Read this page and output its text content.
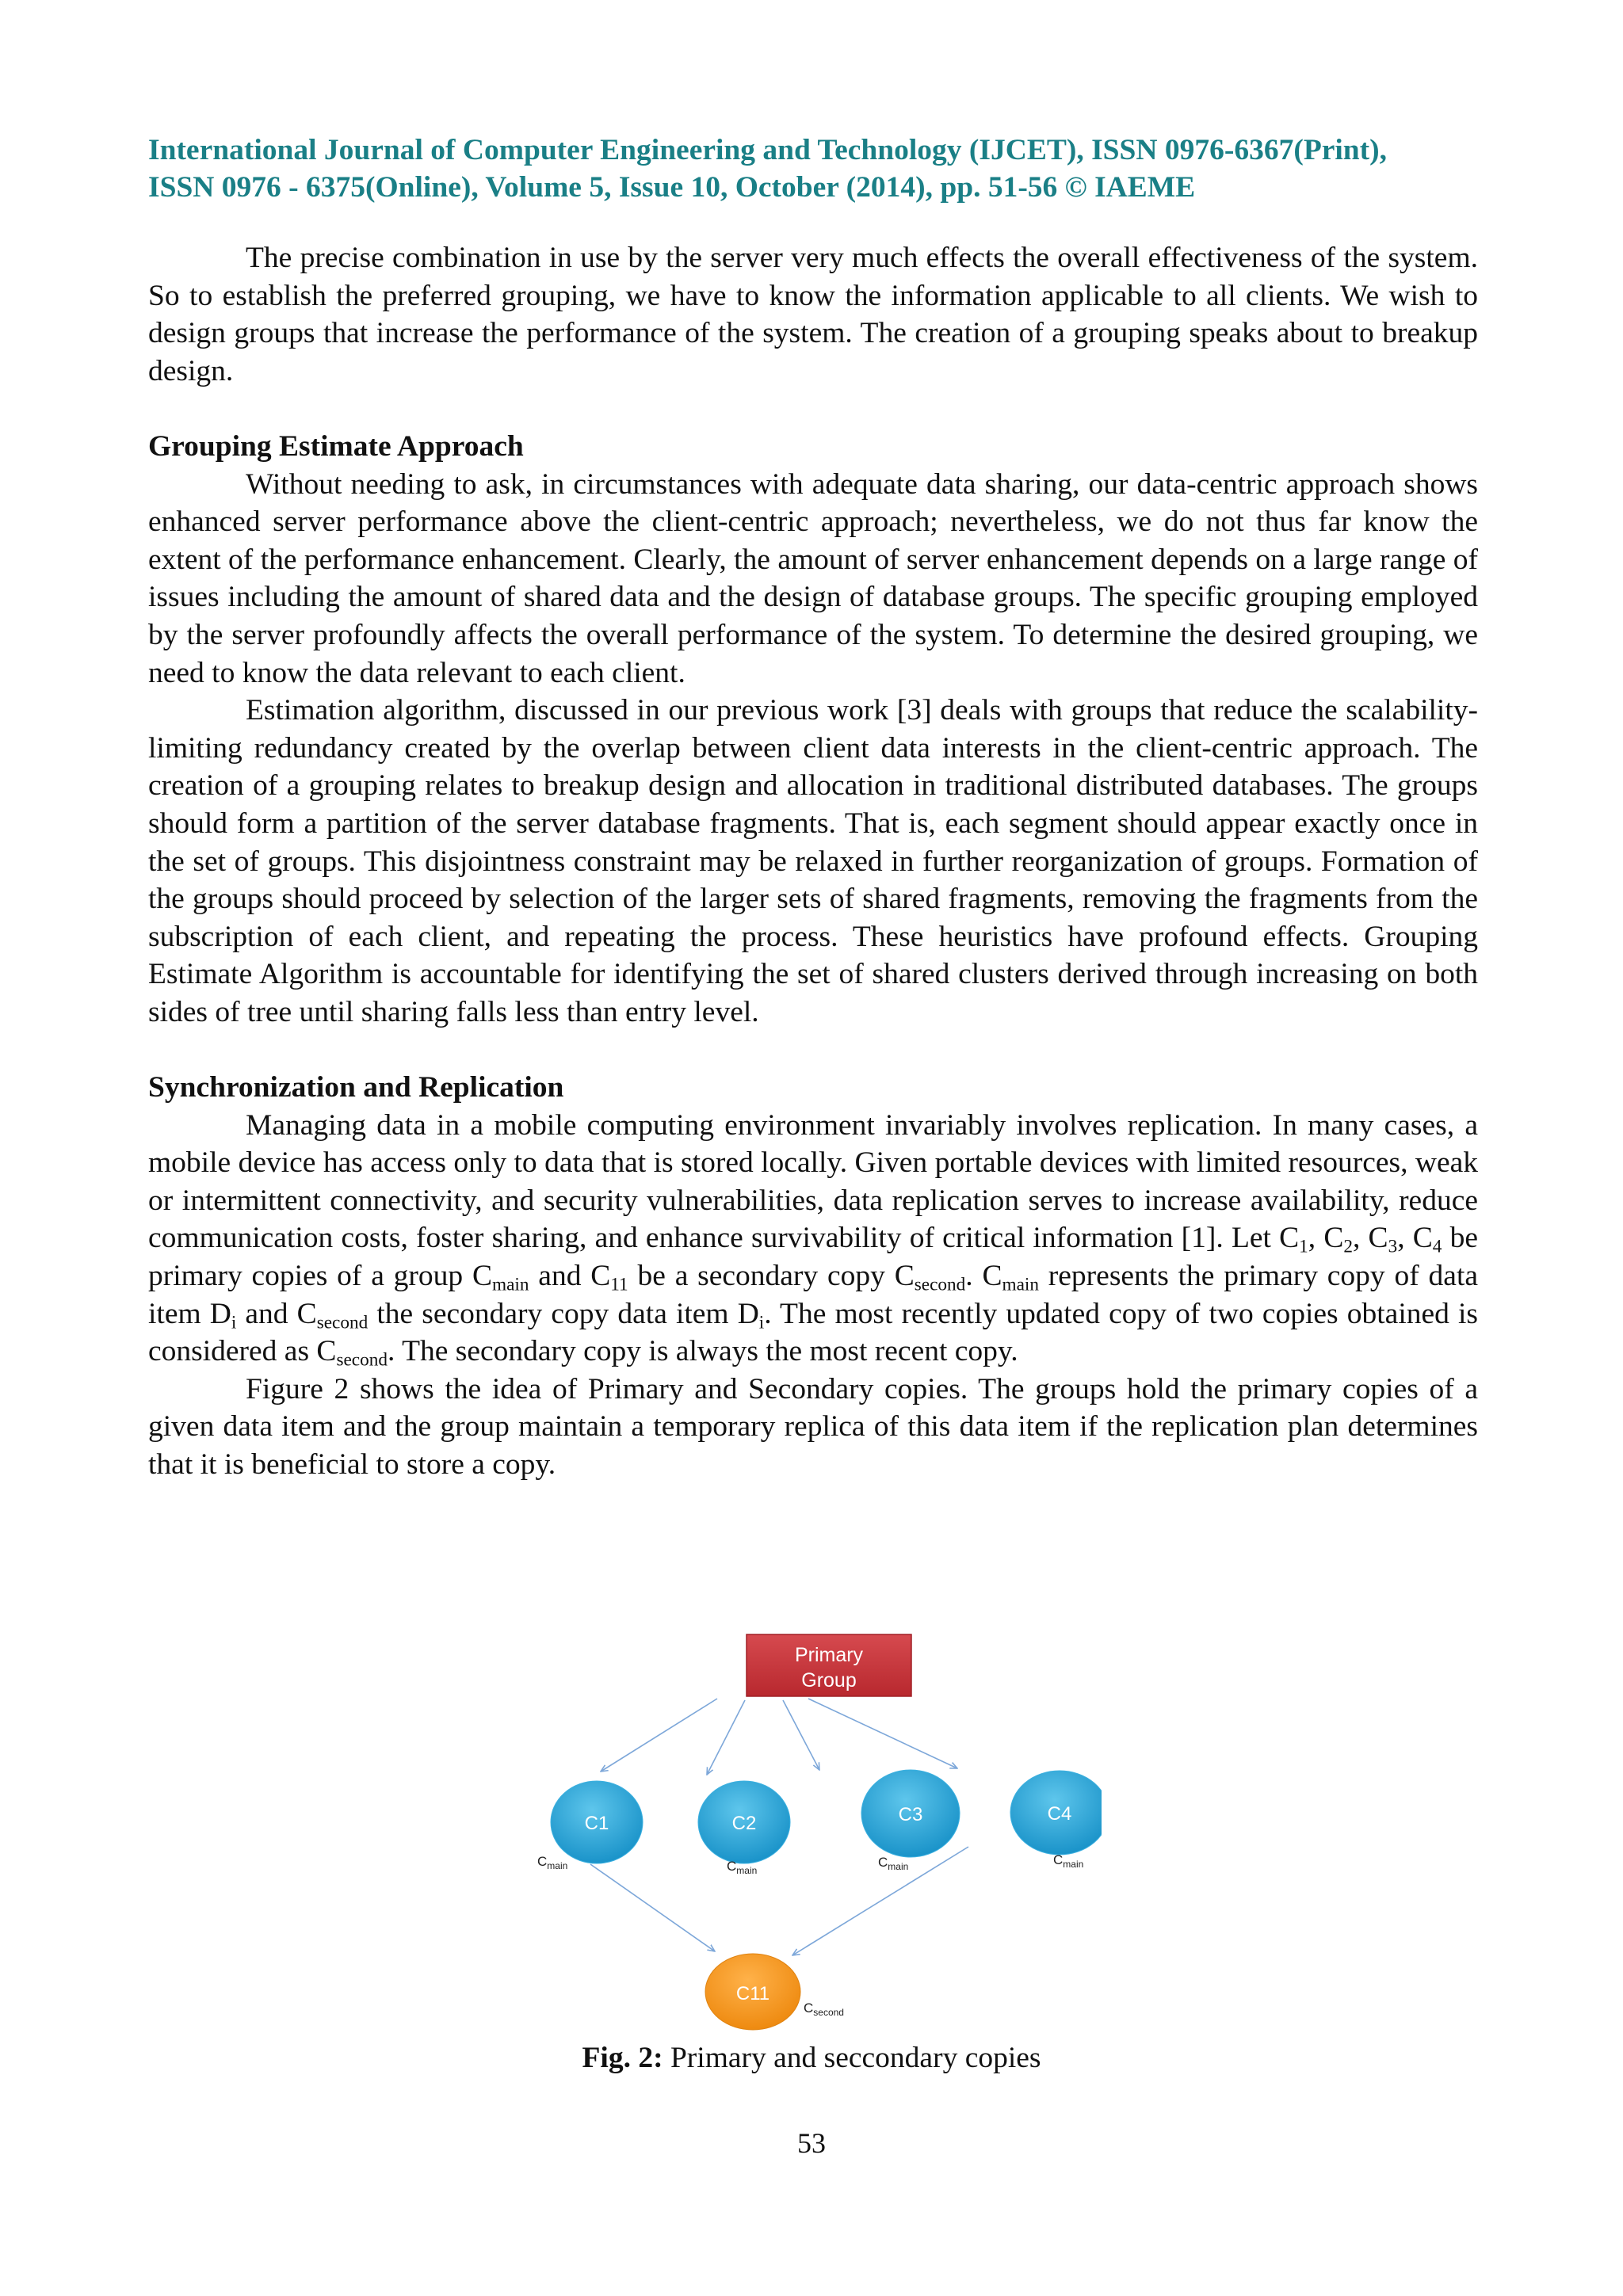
International Journal of Computer Engineering and Technology (IJCET), ISSN 0976-6367(Print),
ISSN 0976 - 6375(Online), Volume 5, Issue 10, October (2014), pp. 51-56 © IAEME

The precise combination in use by the server very much effects the overall effectiveness of the system. So to establish the preferred grouping, we have to know the information applicable to all clients. We wish to design groups that increase the performance of the system. The creation of a grouping speaks about to breakup design.

Grouping Estimate Approach

Without needing to ask, in circumstances with adequate data sharing, our data-centric approach shows enhanced server performance above the client-centric approach; nevertheless, we do not thus far know the extent of the performance enhancement. Clearly, the amount of server enhancement depends on a large range of issues including the amount of shared data and the design of database groups. The specific grouping employed by the server profoundly affects the overall performance of the system. To determine the desired grouping, we need to know the data relevant to each client.

Estimation algorithm, discussed in our previous work [3] deals with groups that reduce the scalability-limiting redundancy created by the overlap between client data interests in the client-centric approach. The creation of a grouping relates to breakup design and allocation in traditional distributed databases. The groups should form a partition of the server database fragments. That is, each segment should appear exactly once in the set of groups. This disjointness constraint may be relaxed in further reorganization of groups. Formation of the groups should proceed by selection of the larger sets of shared fragments, removing the fragments from the subscription of each client, and repeating the process. These heuristics have profound effects. Grouping Estimate Algorithm is accountable for identifying the set of shared clusters derived through increasing on both sides of tree until sharing falls less than entry level.

Synchronization and Replication

Managing data in a mobile computing environment invariably involves replication. In many cases, a mobile device has access only to data that is stored locally. Given portable devices with limited resources, weak or intermittent connectivity, and security vulnerabilities, data replication serves to increase availability, reduce communication costs, foster sharing, and enhance survivability of critical information [1]. Let $C_1$, $C_2$, $C_3$, $C_4$ be primary copies of a group $C_{main}$ and $C_{11}$ be a secondary copy $C_{second}$. $C_{main}$ represents the primary copy of data item $D_i$ and $C_{second}$ the secondary copy data item $D_i$. The most recently updated copy of two copies obtained is considered as $C_{second}$. The secondary copy is always the most recent copy.

Figure 2 shows the idea of Primary and Secondary copies. The groups hold the primary copies of a given data item and the group maintain a temporary replica of this data item if the replication plan determines that it is beneficial to store a copy.

Primary
Group
C1	C2	C3	C4
$C_{main}$	$C_{main}$
$C_{main}$	$C_{main}$
C11
$C_{second}$
Fig. 2: Primary and seccondary copies
53
